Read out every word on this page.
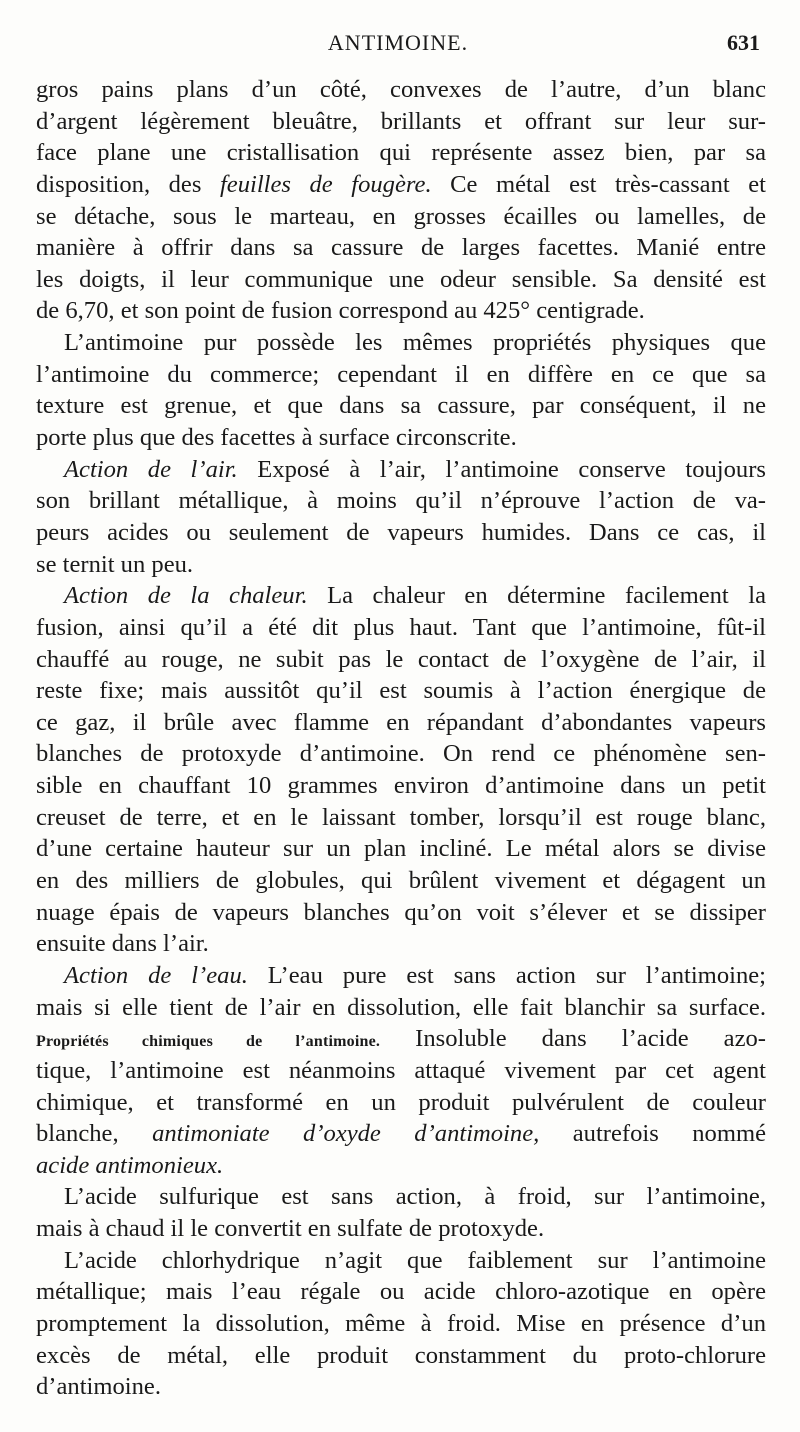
ANTIMOINE.	631
gros pains plans d’un côté, convexes de l’autre, d’un blanc
d’argent légèrement bleuâtre, brillants et offrant sur leur sur-
face plane une cristallisation qui représente assez bien, par sa
disposition, des feuilles de fougère. Ce métal est très-cassant et
se détache, sous le marteau, en grosses écailles ou lamelles, de
manière à offrir dans sa cassure de larges facettes. Manié entre
les doigts, il leur communique une odeur sensible. Sa densité est
de 6,70, et son point de fusion correspond au 425° centigrade.
L’antimoine pur possède les mêmes propriétés physiques que
l’antimoine du commerce; cependant il en diffère en ce que sa
texture est grenue, et que dans sa cassure, par conséquent, il ne
porte plus que des facettes à surface circonscrite.
Action de l’air. Exposé à l’air, l’antimoine conserve toujours
son brillant métallique, à moins qu’il n’éprouve l’action de va-
peurs acides ou seulement de vapeurs humides. Dans ce cas, il
se ternit un peu.
Action de la chaleur. La chaleur en détermine facilement la
fusion, ainsi qu’il a été dit plus haut. Tant que l’antimoine, fût-il
chauffé au rouge, ne subit pas le contact de l’oxygène de l’air, il
reste fixe; mais aussitôt qu’il est soumis à l’action énergique de
ce gaz, il brûle avec flamme en répandant d’abondantes vapeurs
blanches de protoxyde d’antimoine. On rend ce phénomène sen-
sible en chauffant 10 grammes environ d’antimoine dans un petit
creuset de terre, et en le laissant tomber, lorsqu’il est rouge blanc,
d’une certaine hauteur sur un plan incliné. Le métal alors se divise
en des milliers de globules, qui brûlent vivement et dégagent un
nuage épais de vapeurs blanches qu’on voit s’élever et se dissiper
ensuite dans l’air.
Action de l’eau. L’eau pure est sans action sur l’antimoine;
mais si elle tient de l’air en dissolution, elle fait blanchir sa surface.
Propriétés chimiques de l’antimoine. Insoluble dans l’acide azo-
tique, l’antimoine est néanmoins attaqué vivement par cet agent
chimique, et transformé en un produit pulvérulent de couleur
blanche, antimoniate d’oxyde d’antimoine, autrefois nommé
acide antimonieux.
L’acide sulfurique est sans action, à froid, sur l’antimoine,
mais à chaud il le convertit en sulfate de protoxyde.
L’acide chlorhydrique n’agit que faiblement sur l’antimoine
métallique; mais l’eau régale ou acide chloro-azotique en opère
promptement la dissolution, même à froid. Mise en présence d’un
excès de métal, elle produit constamment du proto-chlorure
d’antimoine.
